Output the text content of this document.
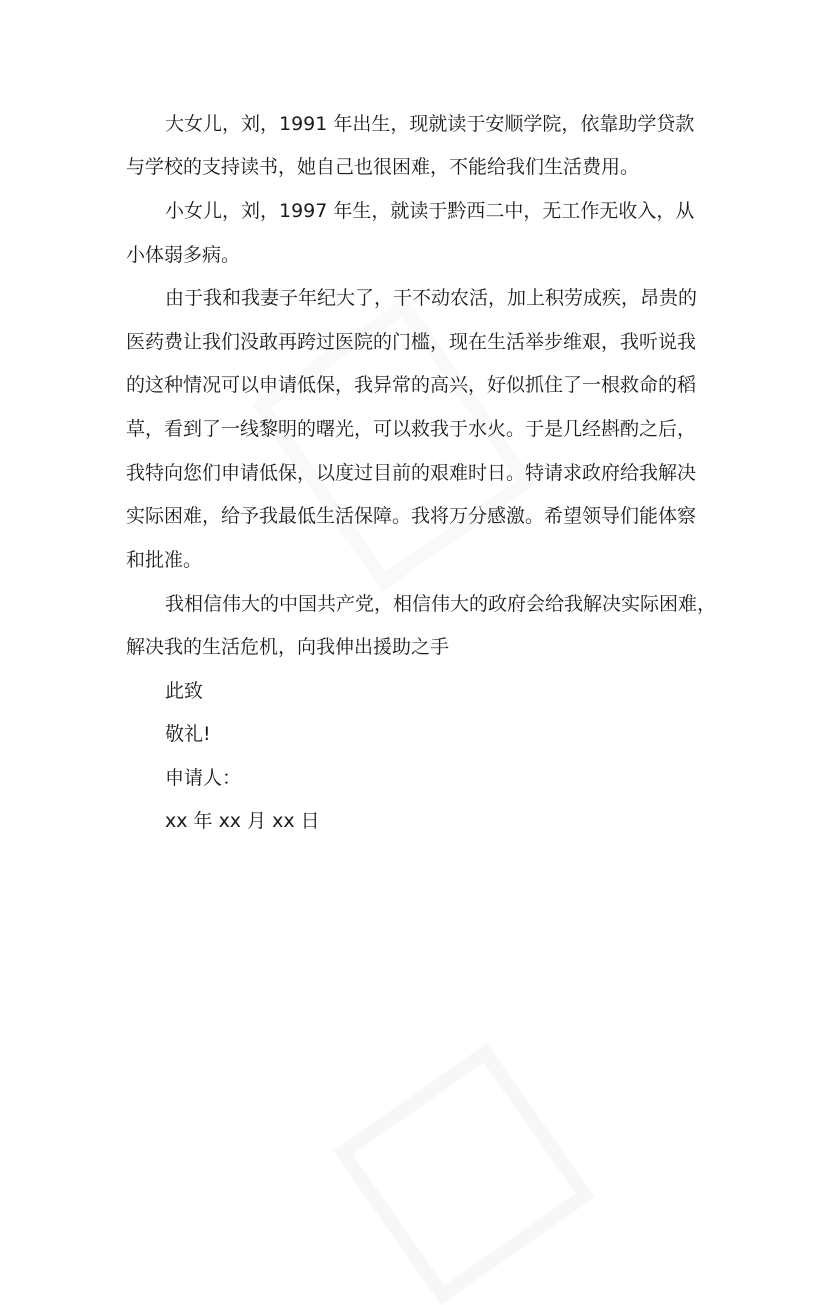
大女儿，刘，1991 年出生，现就读于安顺学院，依靠助学贷款
与学校的支持读书，她自己也很困难，不能给我们生活费用。
小女儿，刘，1997 年生，就读于黔西二中，无工作无收入，从
小体弱多病。
由于我和我妻子年纪大了，干不动农活，加上积劳成疾，昂贵的
医药费让我们没敢再跨过医院的门槛，现在生活举步维艰，我听说我
的这种情况可以申请低保，我异常的高兴，好似抓住了一根救命的稻
草，看到了一线黎明的曙光，可以救我于水火。于是几经斟酌之后，
我特向您们申请低保，以度过目前的艰难时日。特请求政府给我解决
实际困难，给予我最低生活保障。我将万分感激。希望领导们能体察
和批准。
我相信伟大的中国共产党，相信伟大的政府会给我解决实际困难，
解决我的生活危机，向我伸出援助之手
此致
敬礼!
申请人：
xx 年 xx 月 xx 日
